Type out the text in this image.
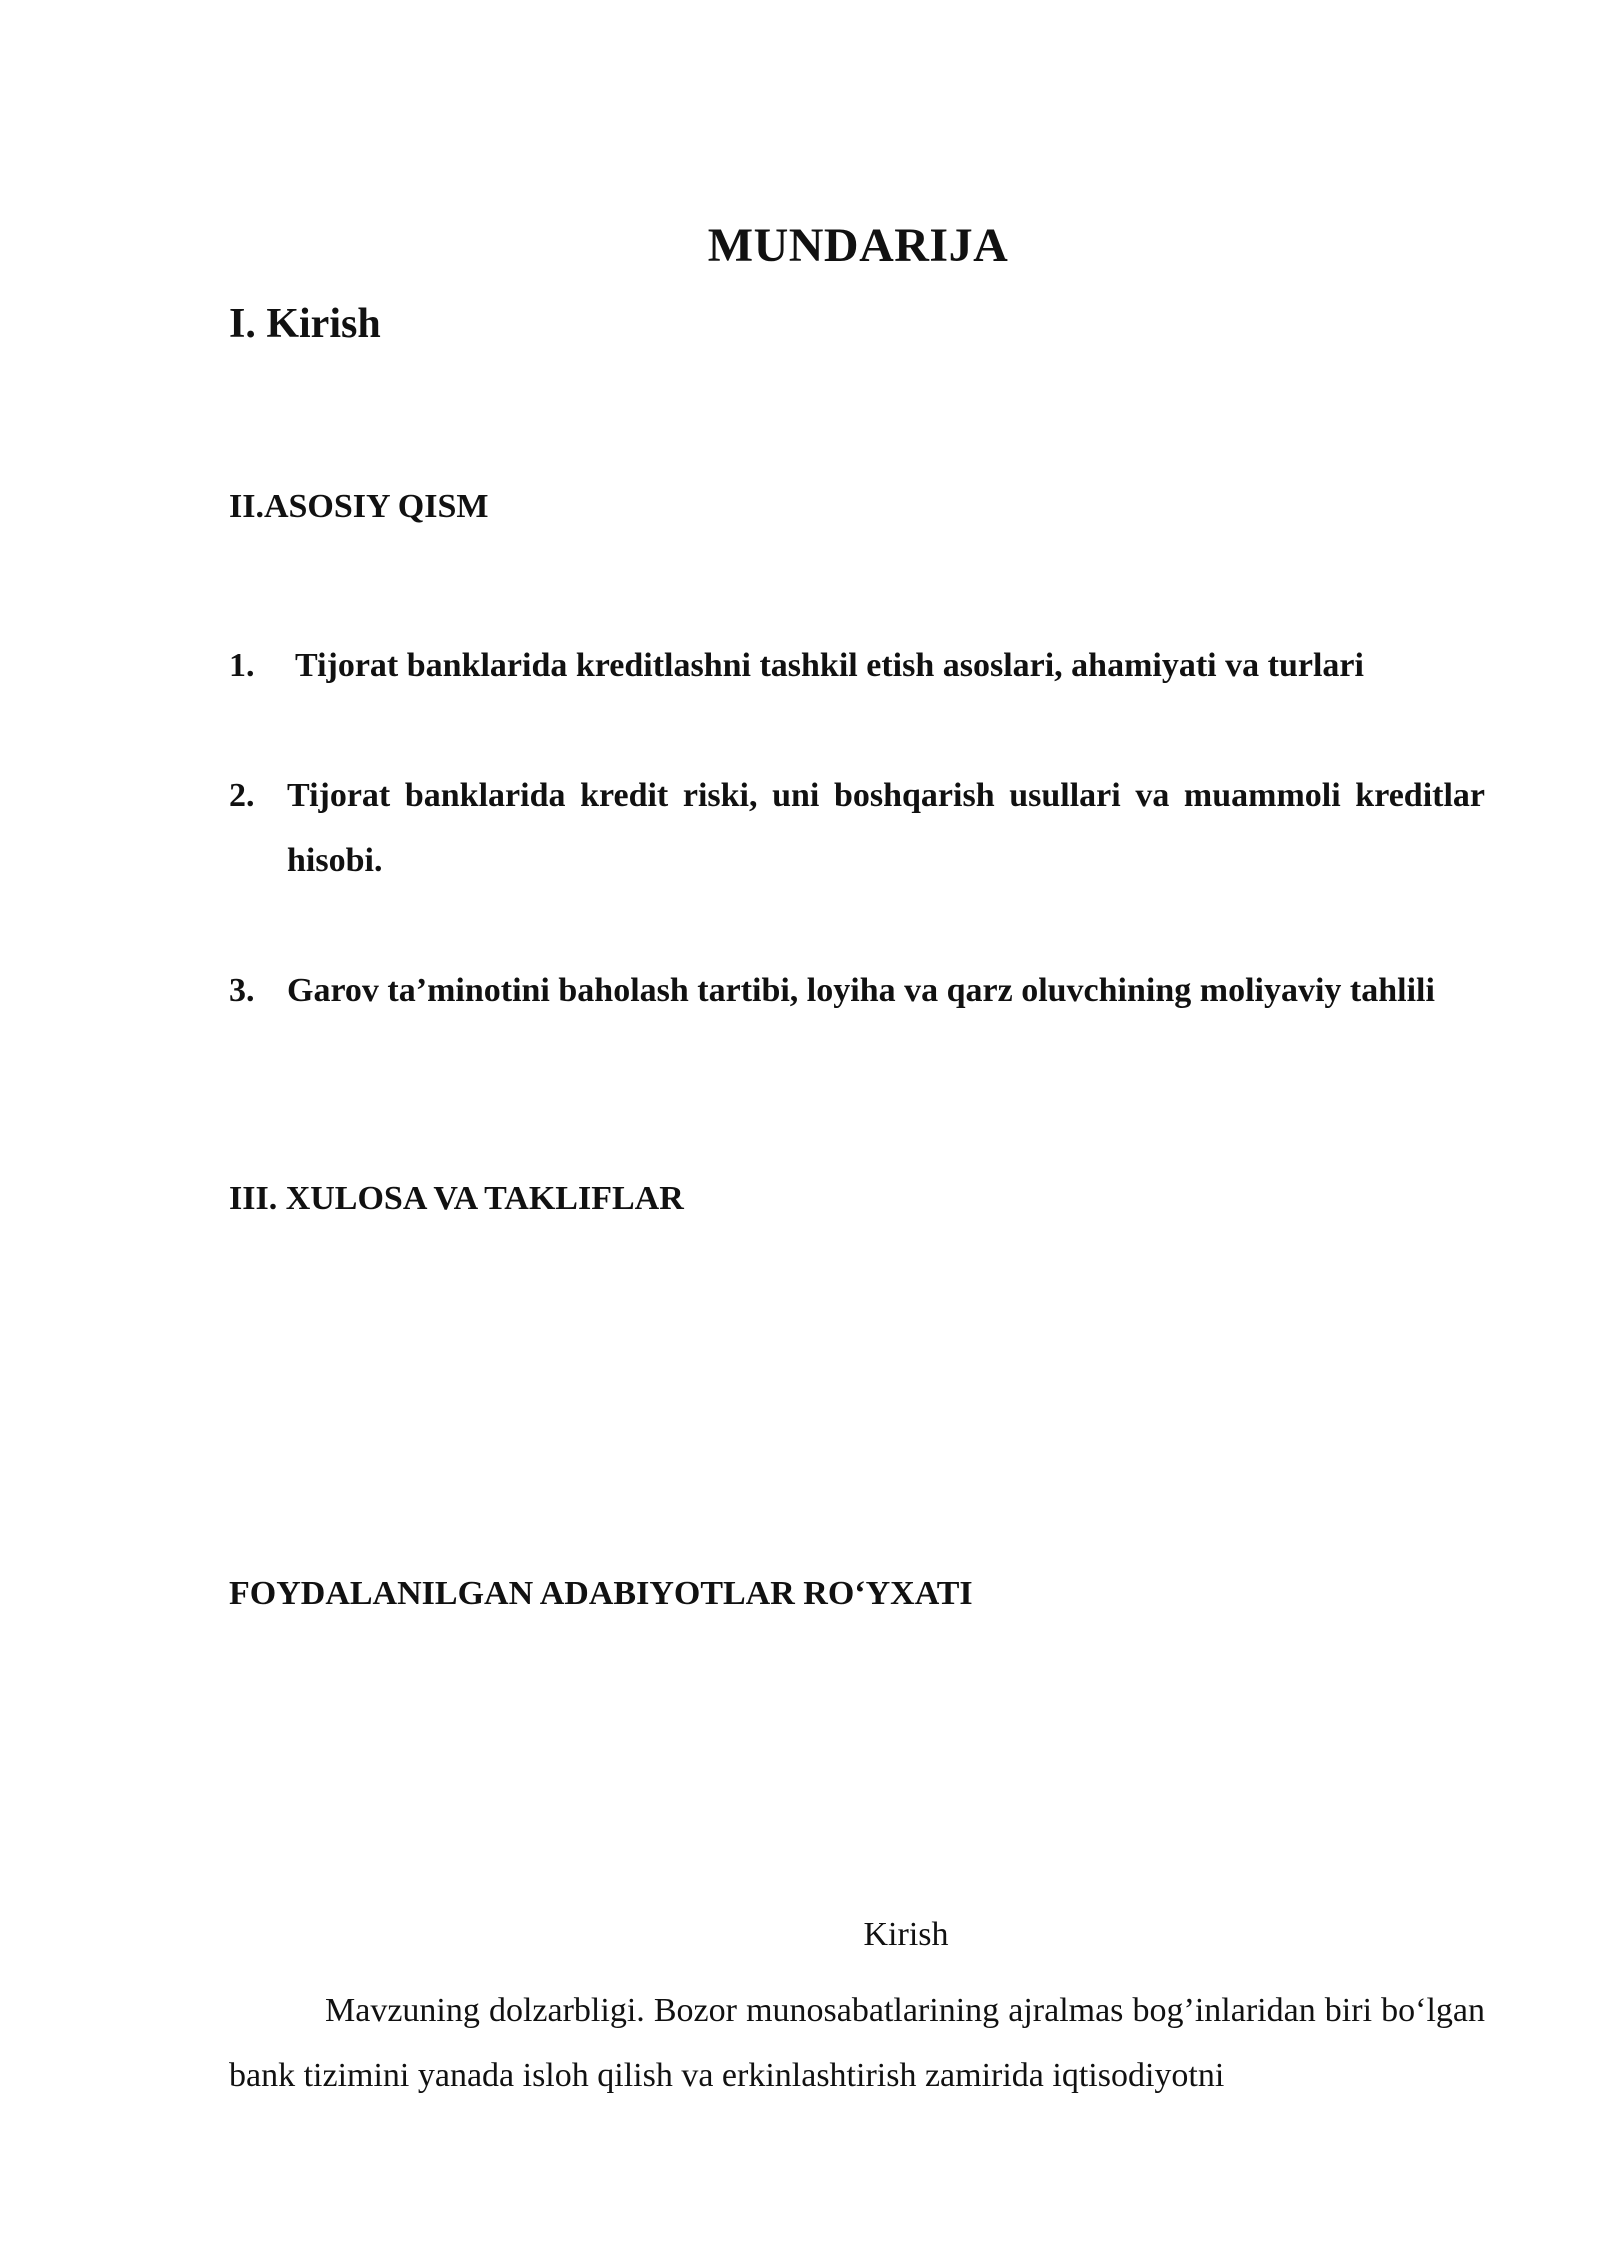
MUNDARIJA
I. Kirish
II.ASOSIY QISM
1. Tijorat banklarida kreditlashni tashkil etish asoslari, ahamiyati va turlari
2. Tijorat banklarida kredit riski, uni boshqarish usullari va muammoli kreditlar hisobi.
3. Garov ta’minotini baholash tartibi, loyiha va qarz oluvchining moliyaviy tahlili
III. XULOSA VA TAKLIFLAR
FOYDALANILGAN ADABIYOTLAR RO‘YXATI
Kirish

Mavzuning dolzarbligi. Bozor munosabatlarining ajralmas bog’inlaridan biri bo‘lgan bank tizimini yanada isloh qilish va erkinlashtirish zamirida iqtisodiyotni
